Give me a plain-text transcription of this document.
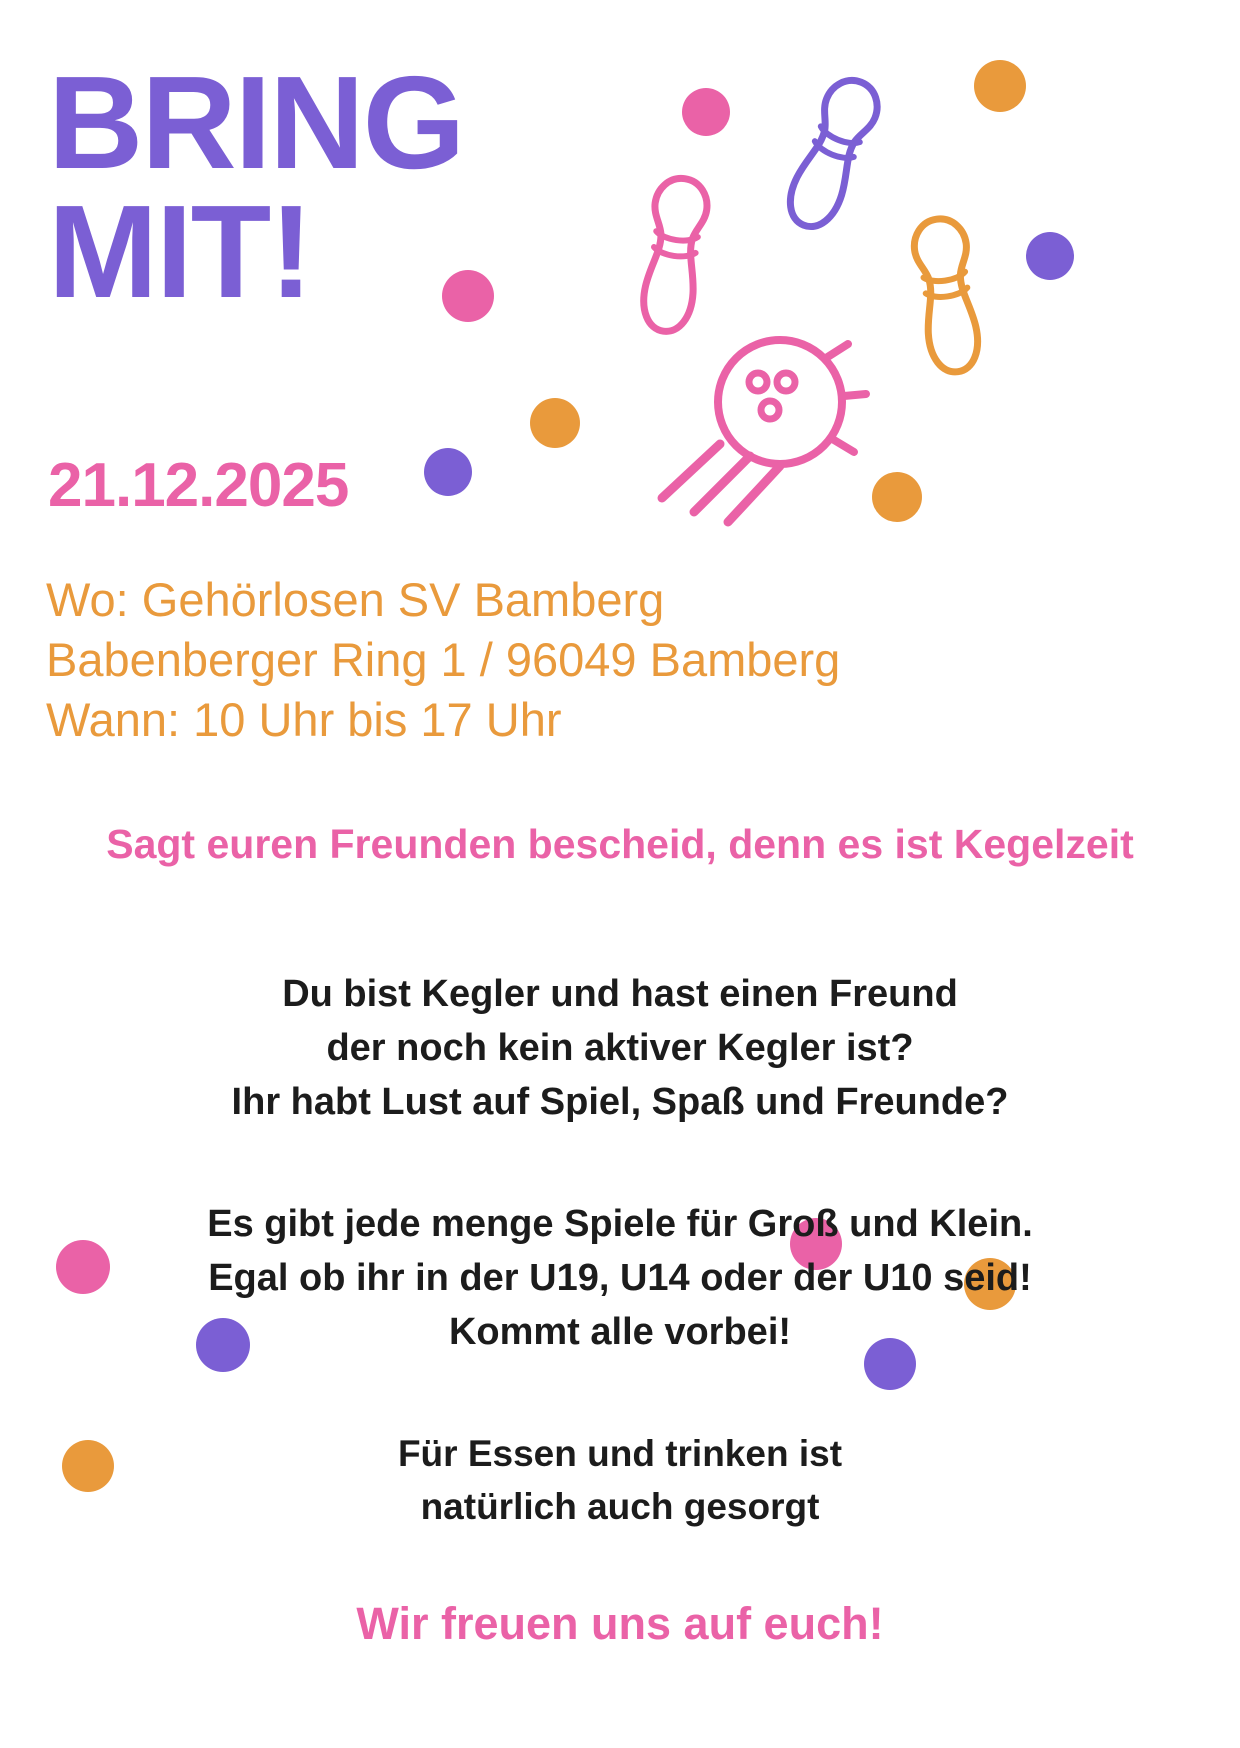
BRING
MIT!
21.12.2025
Wo: Gehörlosen SV Bamberg
Babenberger Ring 1 / 96049 Bamberg
Wann: 10 Uhr bis 17 Uhr
Sagt euren Freunden bescheid, denn es ist Kegelzeit
Du bist Kegler und hast einen Freund
der noch kein aktiver Kegler ist?
Ihr habt Lust auf Spiel, Spaß und Freunde?
Es gibt jede menge Spiele für Groß und Klein.
Egal ob ihr in der U19, U14 oder der U10 seid!
Kommt alle vorbei!
Für Essen und trinken ist
natürlich auch gesorgt
Wir freuen uns auf euch!
